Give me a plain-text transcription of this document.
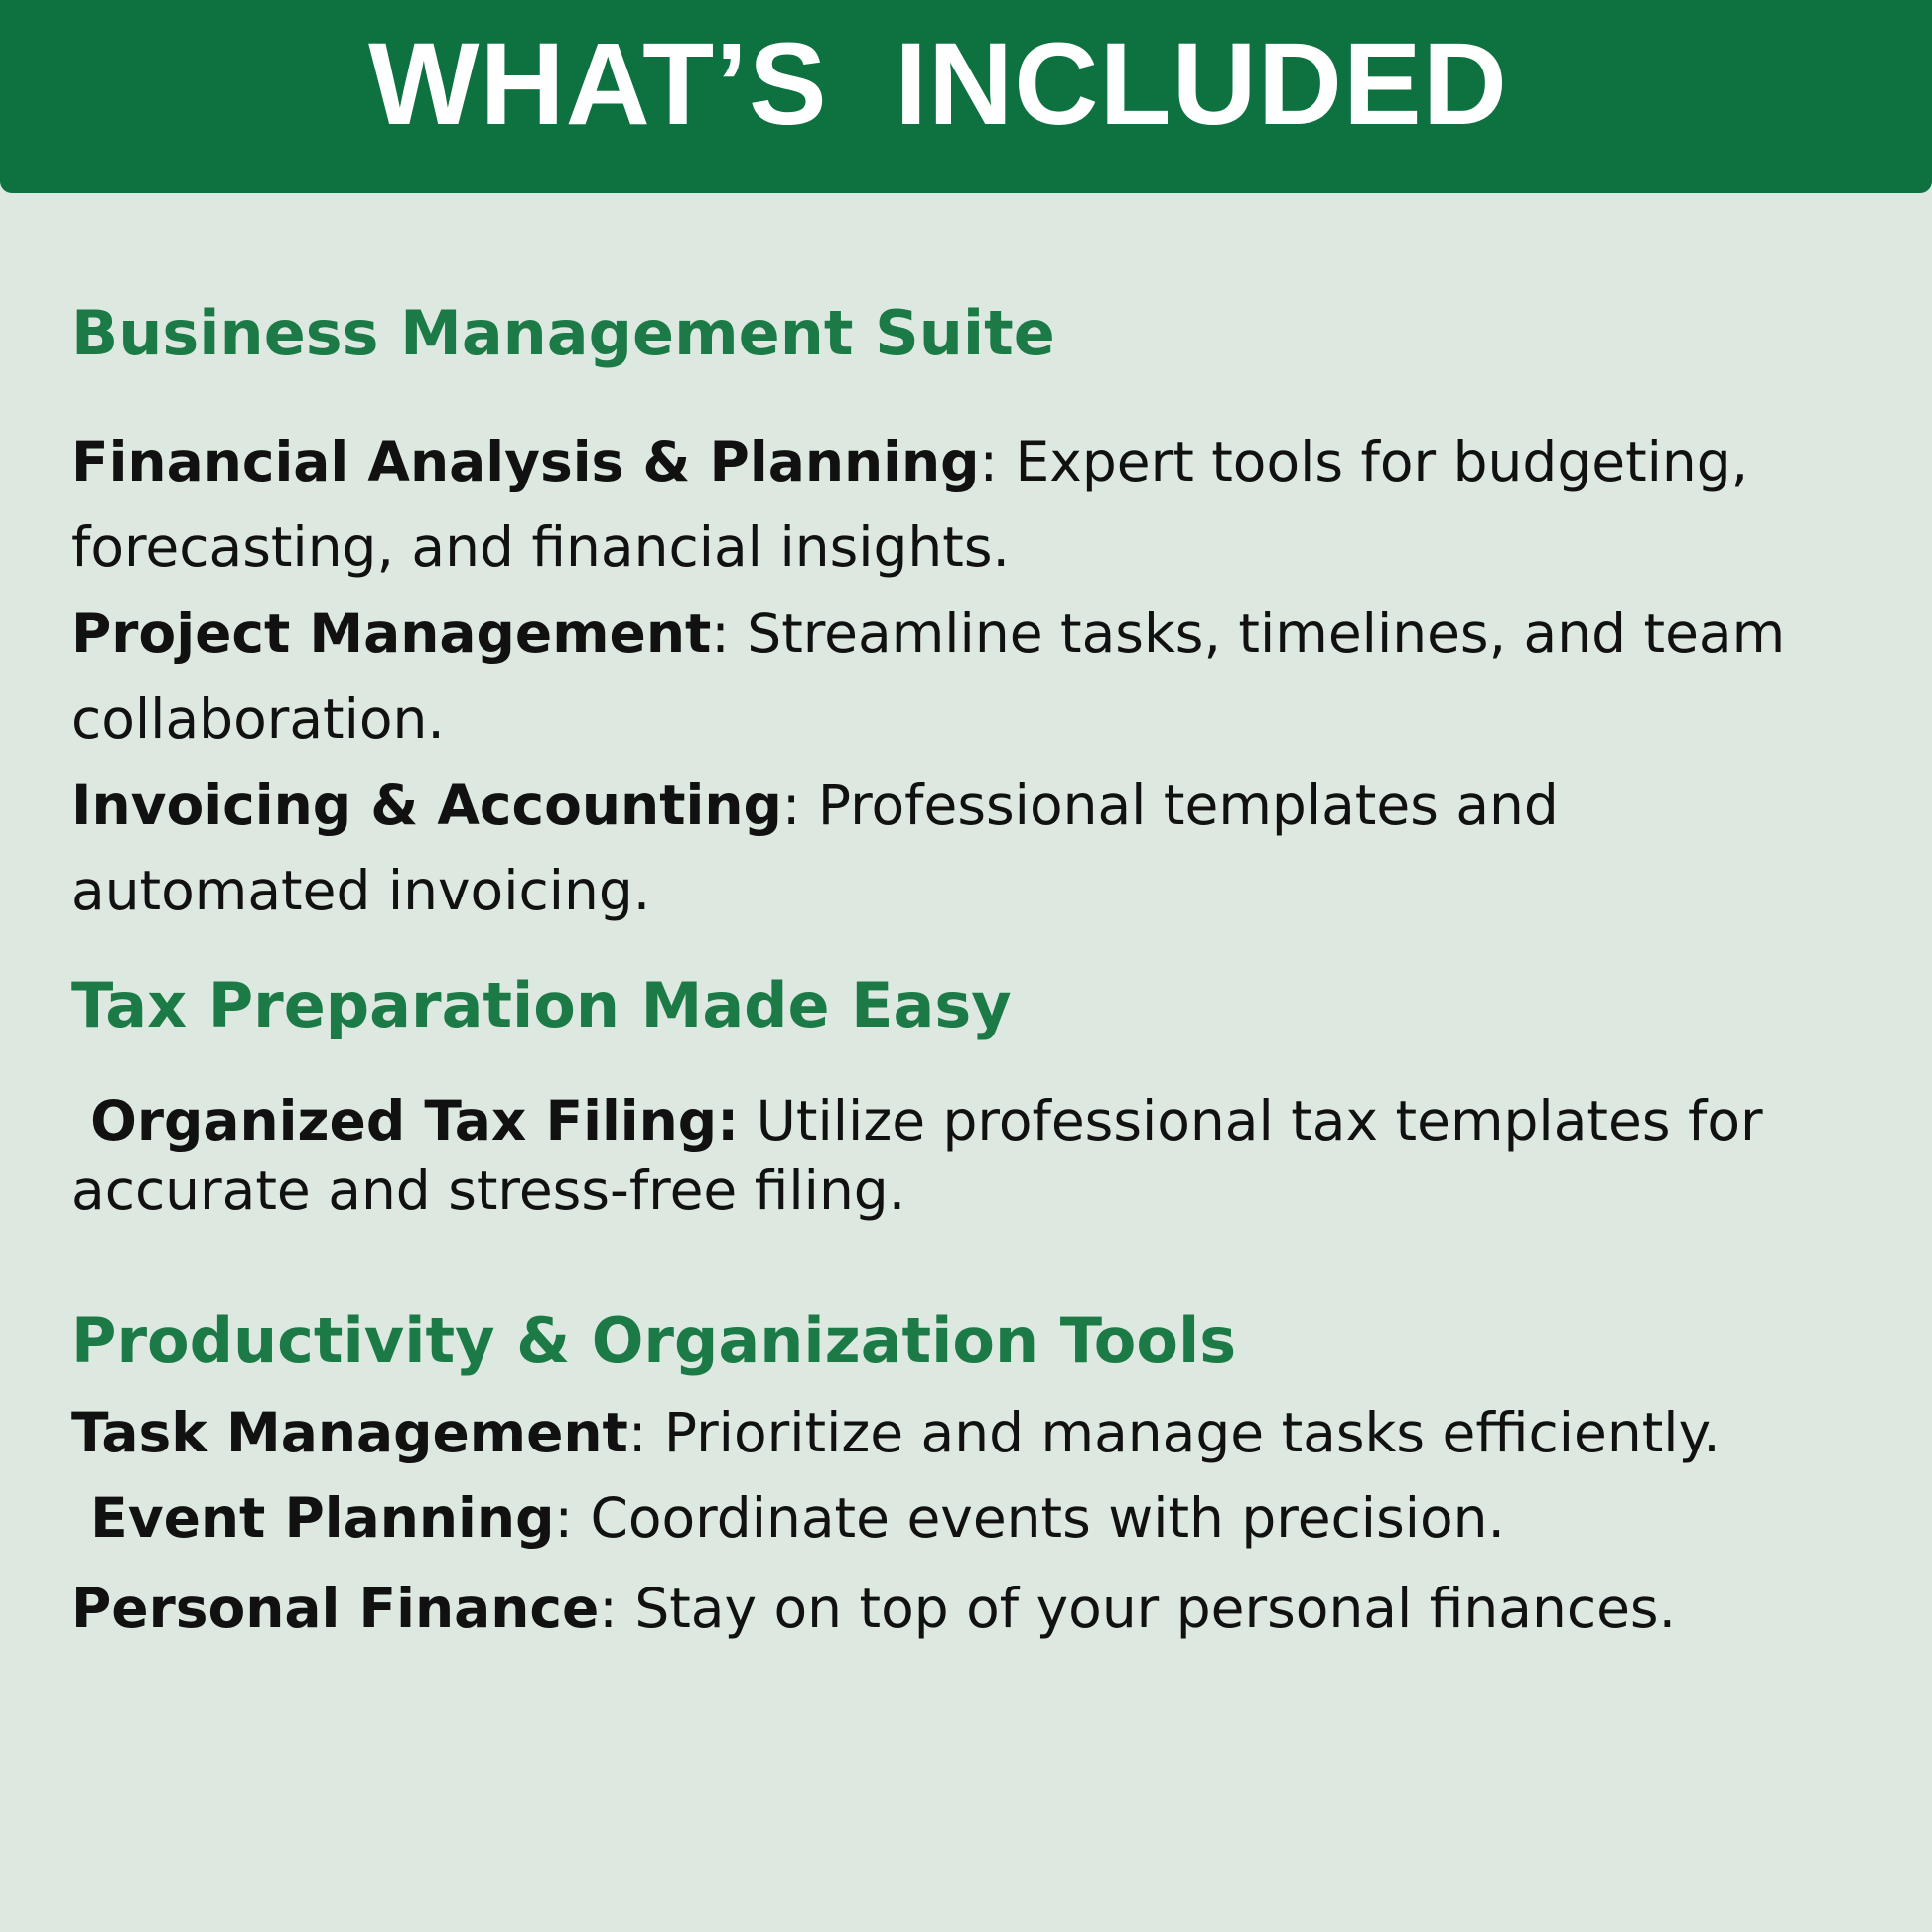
WHAT’S  INCLUDED
Business Management Suite

Financial Analysis & Planning: Expert tools for budgeting,
forecasting, and financial insights.

Project Management: Streamline tasks, timelines, and team
collaboration.

Invoicing & Accounting: Professional templates and
automated invoicing.

Tax Preparation Made Easy

Organized Tax Filing: Utilize professional tax templates for
accurate and stress-free filing.

Productivity & Organization Tools

Task Management: Prioritize and manage tasks efficiently.

Event Planning: Coordinate events with precision.

Personal Finance: Stay on top of your personal finances.
